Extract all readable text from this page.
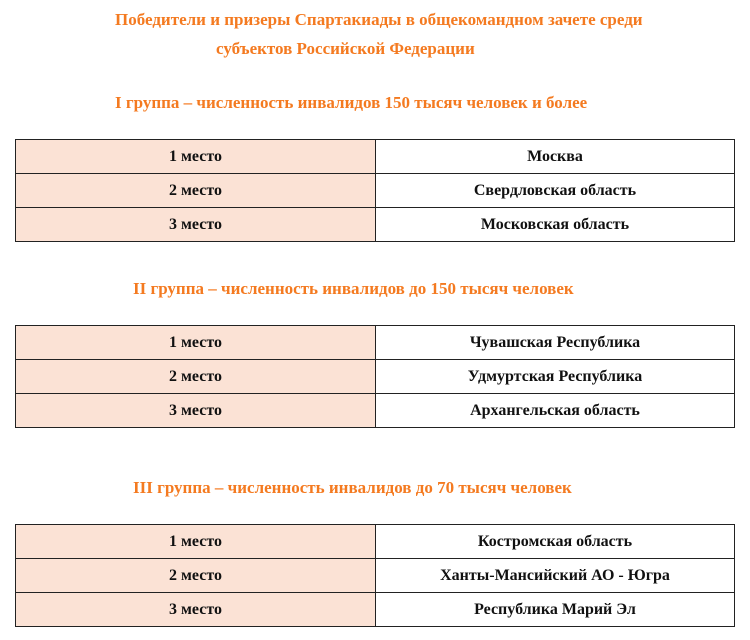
Победители и призеры Спартакиады в общекомандном зачете среди
субъектов Российской Федерации
I группа – численность инвалидов 150 тысяч человек и более
1 место	Москва
2 место	Свердловская область
3 место	Московская область
II группа – численность инвалидов до 150 тысяч человек
1 место	Чувашская Республика
2 место	Удмуртская Республика
3 место	Архангельская область
III группа – численность инвалидов до 70 тысяч человек
1 место	Костромская область
2 место	Ханты-Мансийский АО - Югра
3 место	Республика Марий Эл
